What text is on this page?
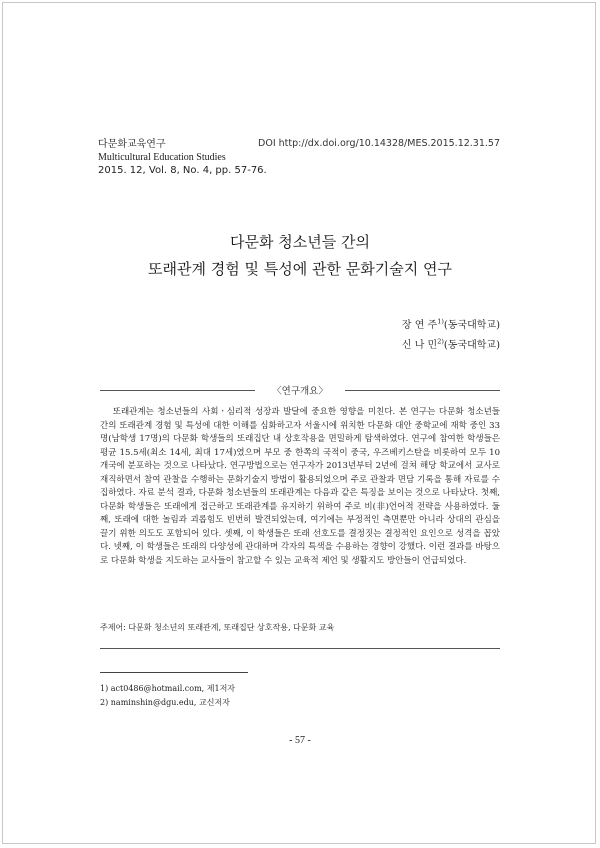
다문화교육연구
Multicultural Education Studies
2015. 12, Vol. 8, No. 4, pp. 57-76.
DOI http://dx.doi.org/10.14328/MES.2015.12.31.57
다문화 청소년들 간의
또래관계 경험 및 특성에 관한 문화기술지 연구
장 연 주$^{1)}$(동국대학교)
신 나 민$^{2)}$(동국대학교)
〈연구개요〉

또래관계는 청소년들의 사회ㆍ심리적 성장과 발달에 중요한 영향을 미친다. 본 연구는 다문화 청소년들 간의 또래관계 경험 및 특성에 대한 이해를 심화하고자 서울시에 위치한 다문화 대안 중학교에 재학 중인 33명(남학생 17명)의 다문화 학생들의 또래집단 내 상호작용을 면밀하게 탐색하였다. 연구에 참여한 학생들은 평균 15.5세(최소 14세, 최대 17세)였으며 부모 중 한쪽의 국적이 중국, 우즈베키스탄을 비롯하여 모두 10개국에 분포하는 것으로 나타났다. 연구방법으로는 연구자가 2013년부터 2년에 걸쳐 해당 학교에서 교사로 재직하면서 참여 관찰을 수행하는 문화기술지 방법이 활용되었으며 주로 관찰과 면담 기록을 통해 자료를 수집하였다. 자료 분석 결과, 다문화 청소년들의 또래관계는 다음과 같은 특징을 보이는 것으로 나타났다. 첫째, 다문화 학생들은 또래에게 접근하고 또래관계를 유지하기 위하여 주로 비(非)언어적 전략을 사용하였다. 둘째, 또래에 대한 놀림과 괴롭힘도 빈번히 발견되었는데, 여기에는 부정적인 측면뿐만 아니라 상대의 관심을 끌기 위한 의도도 포함되어 있다. 셋째, 이 학생들은 또래 선호도를 결정짓는 결정적인 요인으로 성격을 꼽았다. 넷째, 이 학생들은 또래의 다양성에 관대하며 각자의 특색을 수용하는 경향이 강했다. 이런 결과를 바탕으로 다문화 학생을 지도하는 교사들이 참고할 수 있는 교육적 제언 및 생활지도 방안들이 언급되었다.

주제어: 다문화 청소년의 또래관계, 또래집단 상호작용, 다문화 교육
1) act0486@hotmail.com, 제1저자
2) naminshin@dgu.edu, 교신저자
- 57 -
